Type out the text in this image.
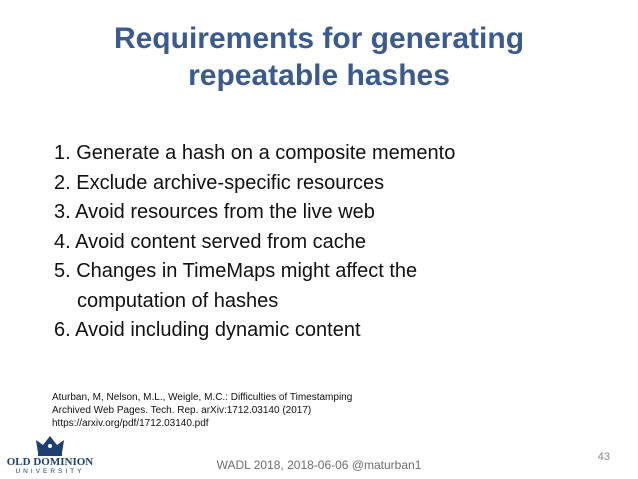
Requirements for generating
repeatable hashes
1. Generate a hash on a composite memento
2. Exclude archive-specific resources
3. Avoid resources from the live web
4. Avoid content served from cache
5. Changes in TimeMaps might affect the computation of hashes
6. Avoid including dynamic content
Aturban, M, Nelson, M.L., Weigle, M.C.: Difficulties of Timestamping
Archived Web Pages. Tech. Rep. arXiv:1712.03140 (2017)
https://arxiv.org/pdf/1712.03140.pdf
OLD DOMINION
UNIVERSITY	WADL 2018, 2018-06-06 @maturban1
43
